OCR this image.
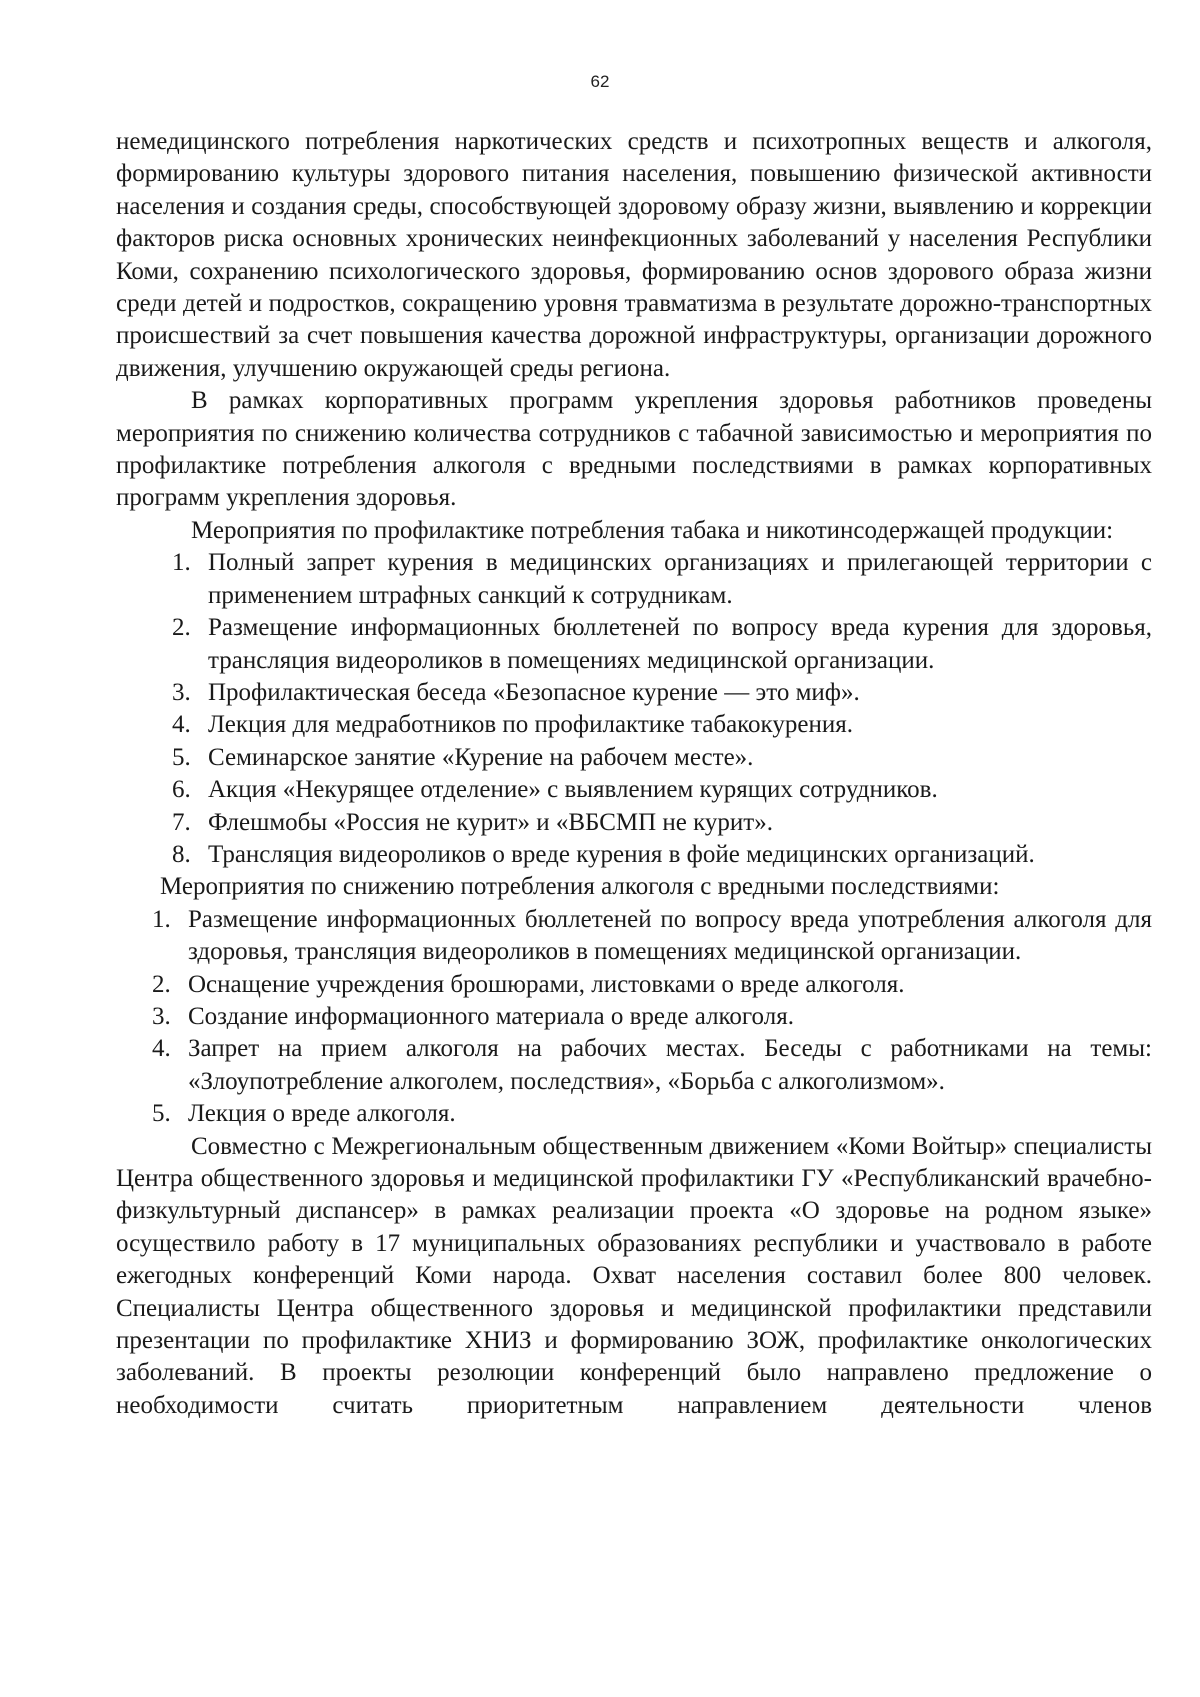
62

немедицинского потребления наркотических средств и психотропных веществ и алкоголя, формированию культуры здорового питания населения, повышению физической активности населения и создания среды, способствующей здоровому образу жизни, выявлению и коррекции факторов риска основных хронических неинфекционных заболеваний у населения Республики Коми, сохранению психологического здоровья, формированию основ здорового образа жизни среди детей и подростков, сокращению уровня травматизма в результате дорожно-транспортных происшествий за счет повышения качества дорожной инфраструктуры, организации дорожного движения, улучшению окружающей среды региона.

В рамках корпоративных программ укрепления здоровья работников проведены мероприятия по снижению количества сотрудников с табачной зависимостью и мероприятия по профилактике потребления алкоголя с вредными последствиями в рамках корпоративных программ укрепления здоровья.

Мероприятия по профилактике потребления табака и никотинсодержащей продукции:

1. Полный запрет курения в медицинских организациях и прилегающей территории с применением штрафных санкций к сотрудникам.
2. Размещение информационных бюллетеней по вопросу вреда курения для здоровья, трансляция видеороликов в помещениях медицинской организации.
3. Профилактическая беседа «Безопасное курение — это миф».
4. Лекция для медработников по профилактике табакокурения.
5. Семинарское занятие «Курение на рабочем месте».
6. Акция «Некурящее отделение» с выявлением курящих сотрудников.
7. Флешмобы «Россия не курит» и «ВБСМП не курит».
8. Трансляция видеороликов о вреде курения в фойе медицинских организаций.

Мероприятия по снижению потребления алкоголя с вредными последствиями:

1. Размещение информационных бюллетеней по вопросу вреда употребления алкоголя для здоровья, трансляция видеороликов в помещениях медицинской организации.
2. Оснащение учреждения брошюрами, листовками о вреде алкоголя.
3. Создание информационного материала о вреде алкоголя.
4. Запрет на прием алкоголя на рабочих местах. Беседы с работниками на темы: «Злоупотребление алкоголем, последствия», «Борьба с алкоголизмом».
5. Лекция о вреде алкоголя.

Совместно с Межрегиональным общественным движением «Коми Войтыр» специалисты Центра общественного здоровья и медицинской профилактики ГУ «Республиканский врачебно-физкультурный диспансер» в рамках реализации проекта «О здоровье на родном языке» осуществило работу в 17 муниципальных образованиях республики и участвовало в работе ежегодных конференций Коми народа. Охват населения составил более 800 человек. Специалисты Центра общественного здоровья и медицинской профилактики представили презентации по профилактике ХНИЗ и формированию ЗОЖ, профилактике онкологических заболеваний. В проекты резолюции конференций было направлено предложение о необходимости считать приоритетным направлением деятельности членов
